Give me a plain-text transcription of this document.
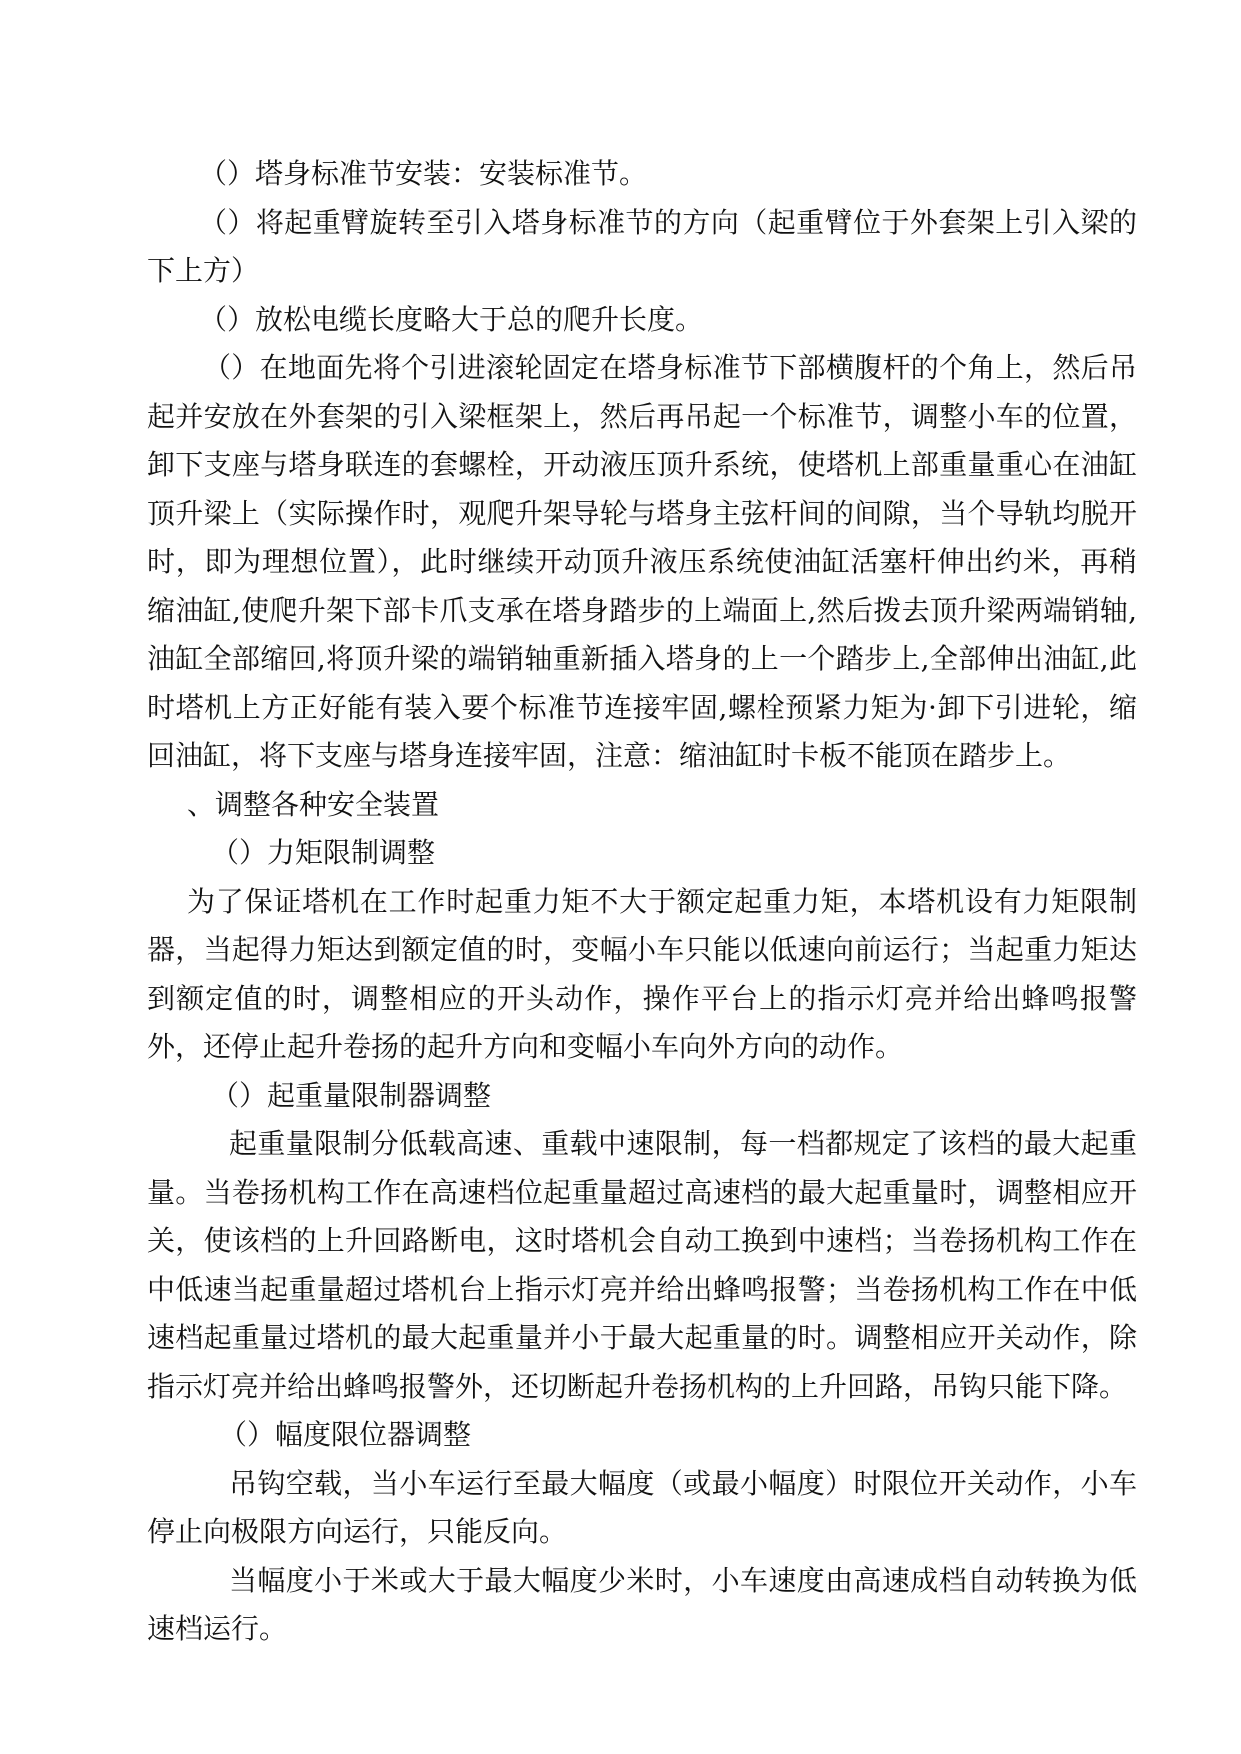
（）塔身标准节安装：安装标准节。

（）将起重臂旋转至引入塔身标准节的方向（起重臂位于外套架上引入梁的下上方）

（）放松电缆长度略大于总的爬升长度。

（）在地面先将个引进滚轮固定在塔身标准节下部横腹杆的个角上，然后吊起并安放在外套架的引入梁框架上，然后再吊起一个标准节，调整小车的位置，卸下支座与塔身联连的套螺栓，开动液压顶升系统，使塔机上部重量重心在油缸顶升梁上（实际操作时，观爬升架导轮与塔身主弦杆间的间隙，当个导轨均脱开时，即为理想位置），此时继续开动顶升液压系统使油缸活塞杆伸出约米，再稍缩油缸,使爬升架下部卡爪支承在塔身踏步的上端面上,然后拨去顶升梁两端销轴,油缸全部缩回,将顶升梁的端销轴重新插入塔身的上一个踏步上,全部伸出油缸,此时塔机上方正好能有装入要个标准节连接牢固,螺栓预紧力矩为·卸下引进轮，缩回油缸，将下支座与塔身连接牢固，注意：缩油缸时卡板不能顶在踏步上。

、调整各种安全装置

（）力矩限制调整

为了保证塔机在工作时起重力矩不大于额定起重力矩，本塔机设有力矩限制器，当起得力矩达到额定值的时，变幅小车只能以低速向前运行；当起重力矩达到额定值的时，调整相应的开头动作，操作平台上的指示灯亮并给出蜂鸣报警外，还停止起升卷扬的起升方向和变幅小车向外方向的动作。

（）起重量限制器调整

起重量限制分低载高速、重载中速限制，每一档都规定了该档的最大起重量。当卷扬机构工作在高速档位起重量超过高速档的最大起重量时，调整相应开关，使该档的上升回路断电，这时塔机会自动工换到中速档；当卷扬机构工作在中低速当起重量超过塔机台上指示灯亮并给出蜂鸣报警；当卷扬机构工作在中低速档起重量过塔机的最大起重量并小于最大起重量的时。调整相应开关动作，除指示灯亮并给出蜂鸣报警外，还切断起升卷扬机构的上升回路，吊钩只能下降。

（）幅度限位器调整

吊钩空载，当小车运行至最大幅度（或最小幅度）时限位开关动作，小车停止向极限方向运行，只能反向。

当幅度小于米或大于最大幅度少米时，小车速度由高速成档自动转换为低速档运行。
